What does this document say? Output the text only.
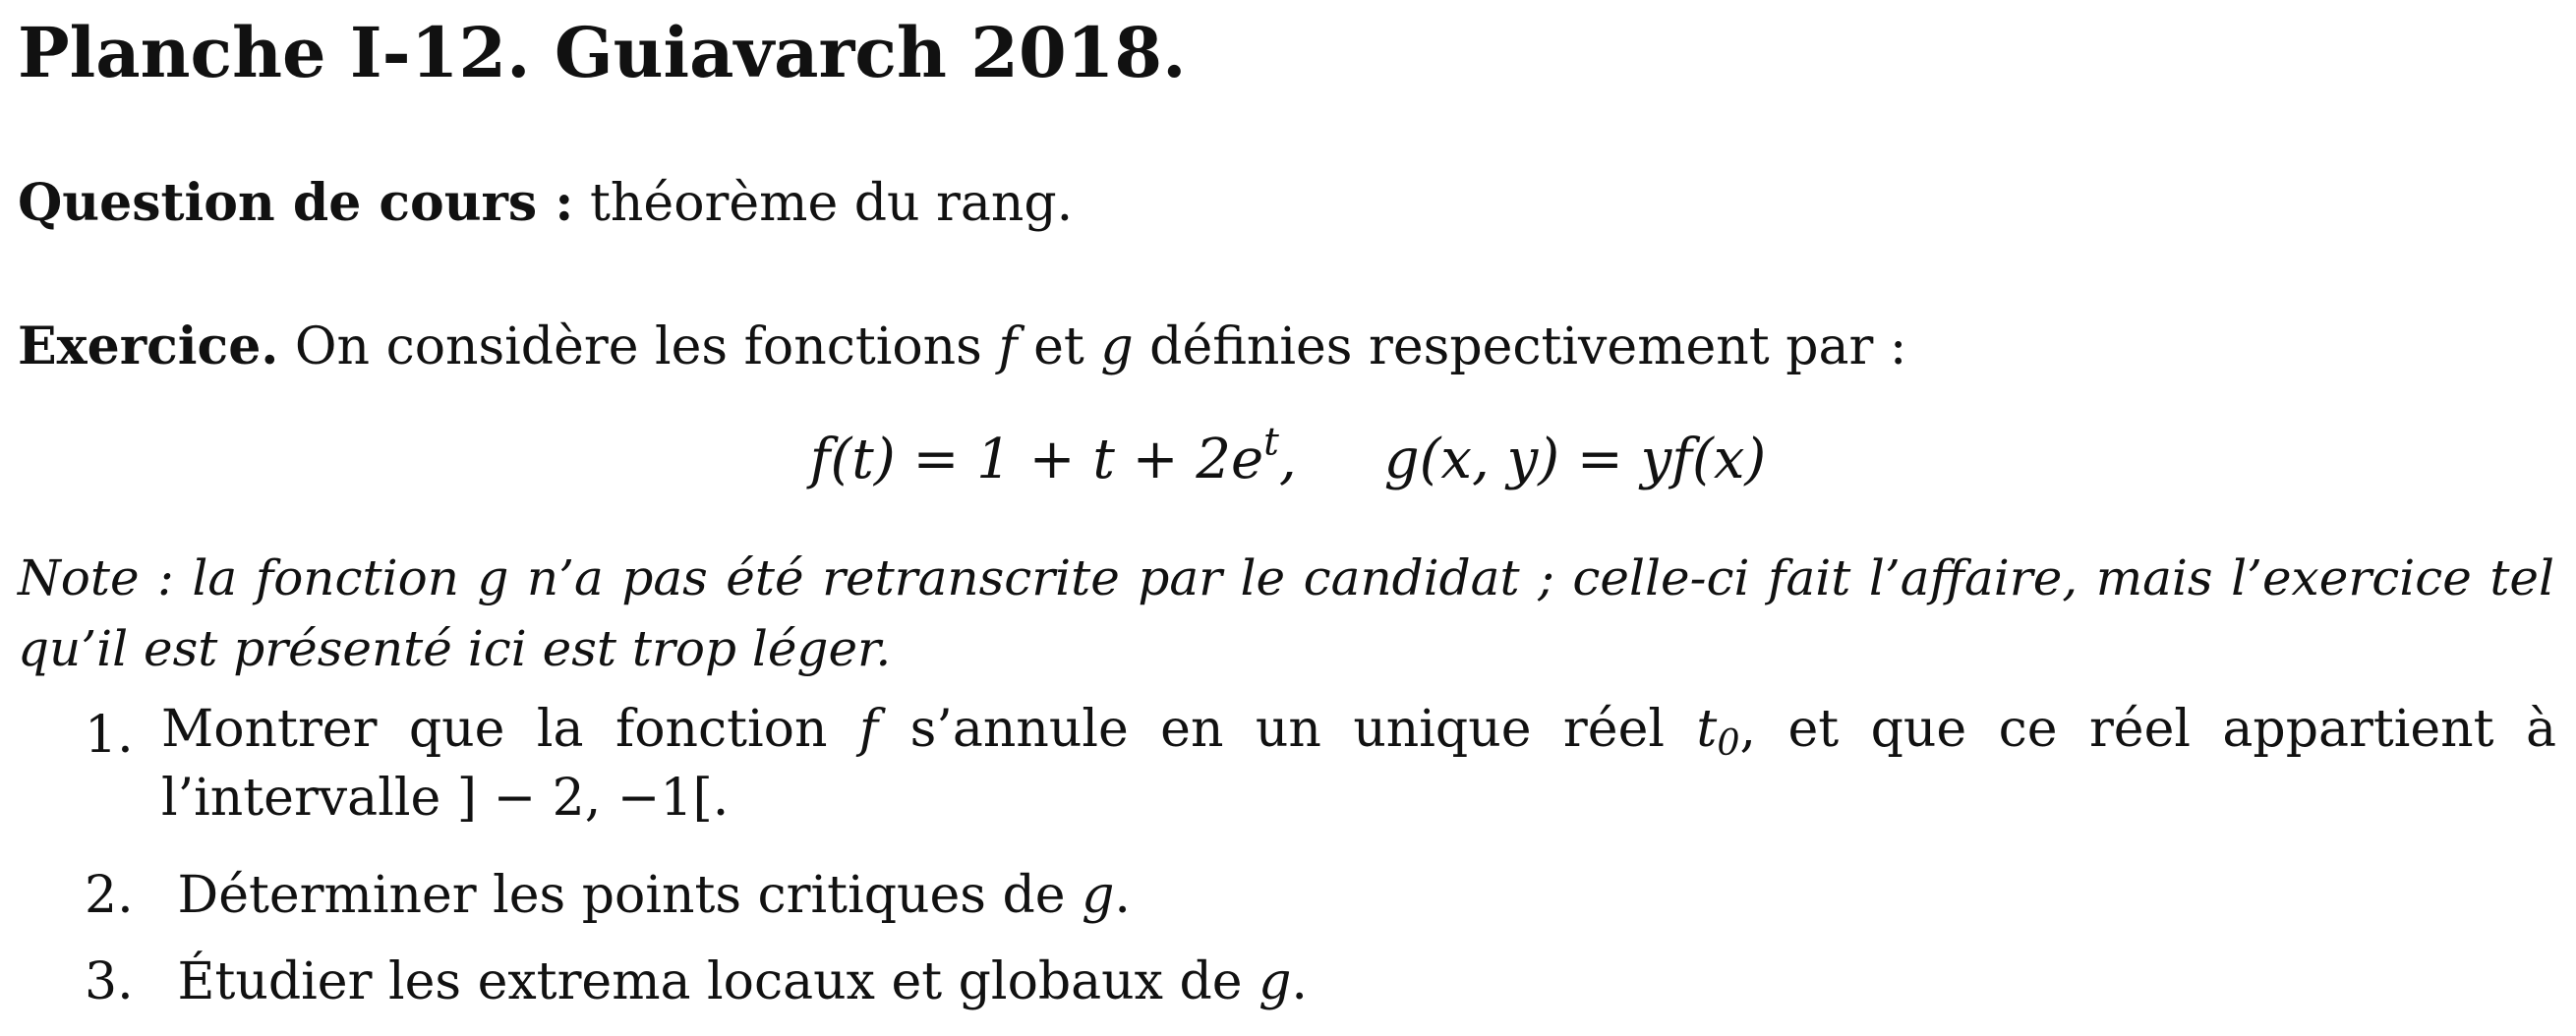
Planche I-12. Guiavarch 2018.
Question de cours : théorème du rang.
Exercice. On considère les fonctions f et g définies respectivement par :
$f(t) = 1 + t + 2e^t$, g(x, y) = yf(x)
Note : la fonction g n’a pas été retranscrite par le candidat ; celle-ci fait l’affaire, mais l’exercice tel qu’il est présenté ici est trop léger.
1. Montrer que la fonction f s’annule en un unique réel $t_0$, et que ce réel appartient à l’intervalle ] − 2, −1[.
2. Déterminer les points critiques de g.
3. Étudier les extrema locaux et globaux de g.
